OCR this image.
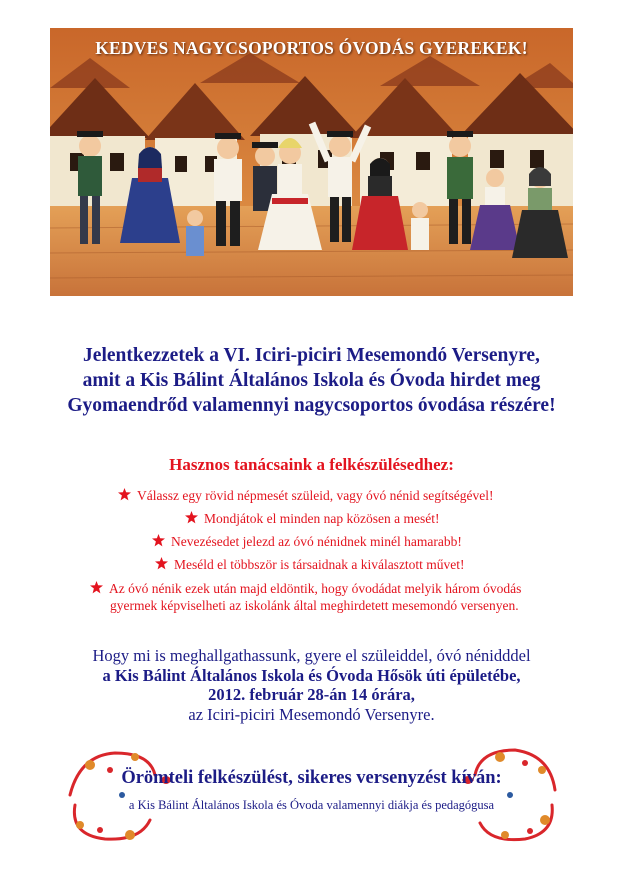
KEDVES NAGYCSOPORTOS ÓVODÁS GYEREKEK!
Jelentkezzetek a VI. Iciri-piciri Mesemondó Versenyre,
amit a Kis Bálint Általános Iskola és Óvoda hirdet meg
Gyomaendrőd valamennyi nagycsoportos óvodása részére!
Hasznos tanácsaink a felkészülésedhez:
Válassz egy rövid népmesét szüleid, vagy óvó nénid segítségével!
Mondjátok el minden nap közösen a mesét!
Nevezésedet jelezd az óvó nénidnek minél hamarabb!
Meséld el többször is társaidnak a kiválasztott művet!
Az óvó nénik ezek után majd eldöntik, hogy óvodádat melyik három óvodás
gyermek képviselheti az iskolánk által meghirdetett mesemondó versenyen.
Hogy mi is meghallgathassunk, gyere el szüleiddel, óvó nénidddel
a Kis Bálint Általános Iskola és Óvoda Hősök úti épületébe,
2012. február 28-án 14 órára,
az Iciri-piciri Mesemondó Versenyre.
Örömteli felkészülést, sikeres versenyzést kíván:
a Kis Bálint Általános Iskola és Óvoda valamennyi diákja és pedagógusa
